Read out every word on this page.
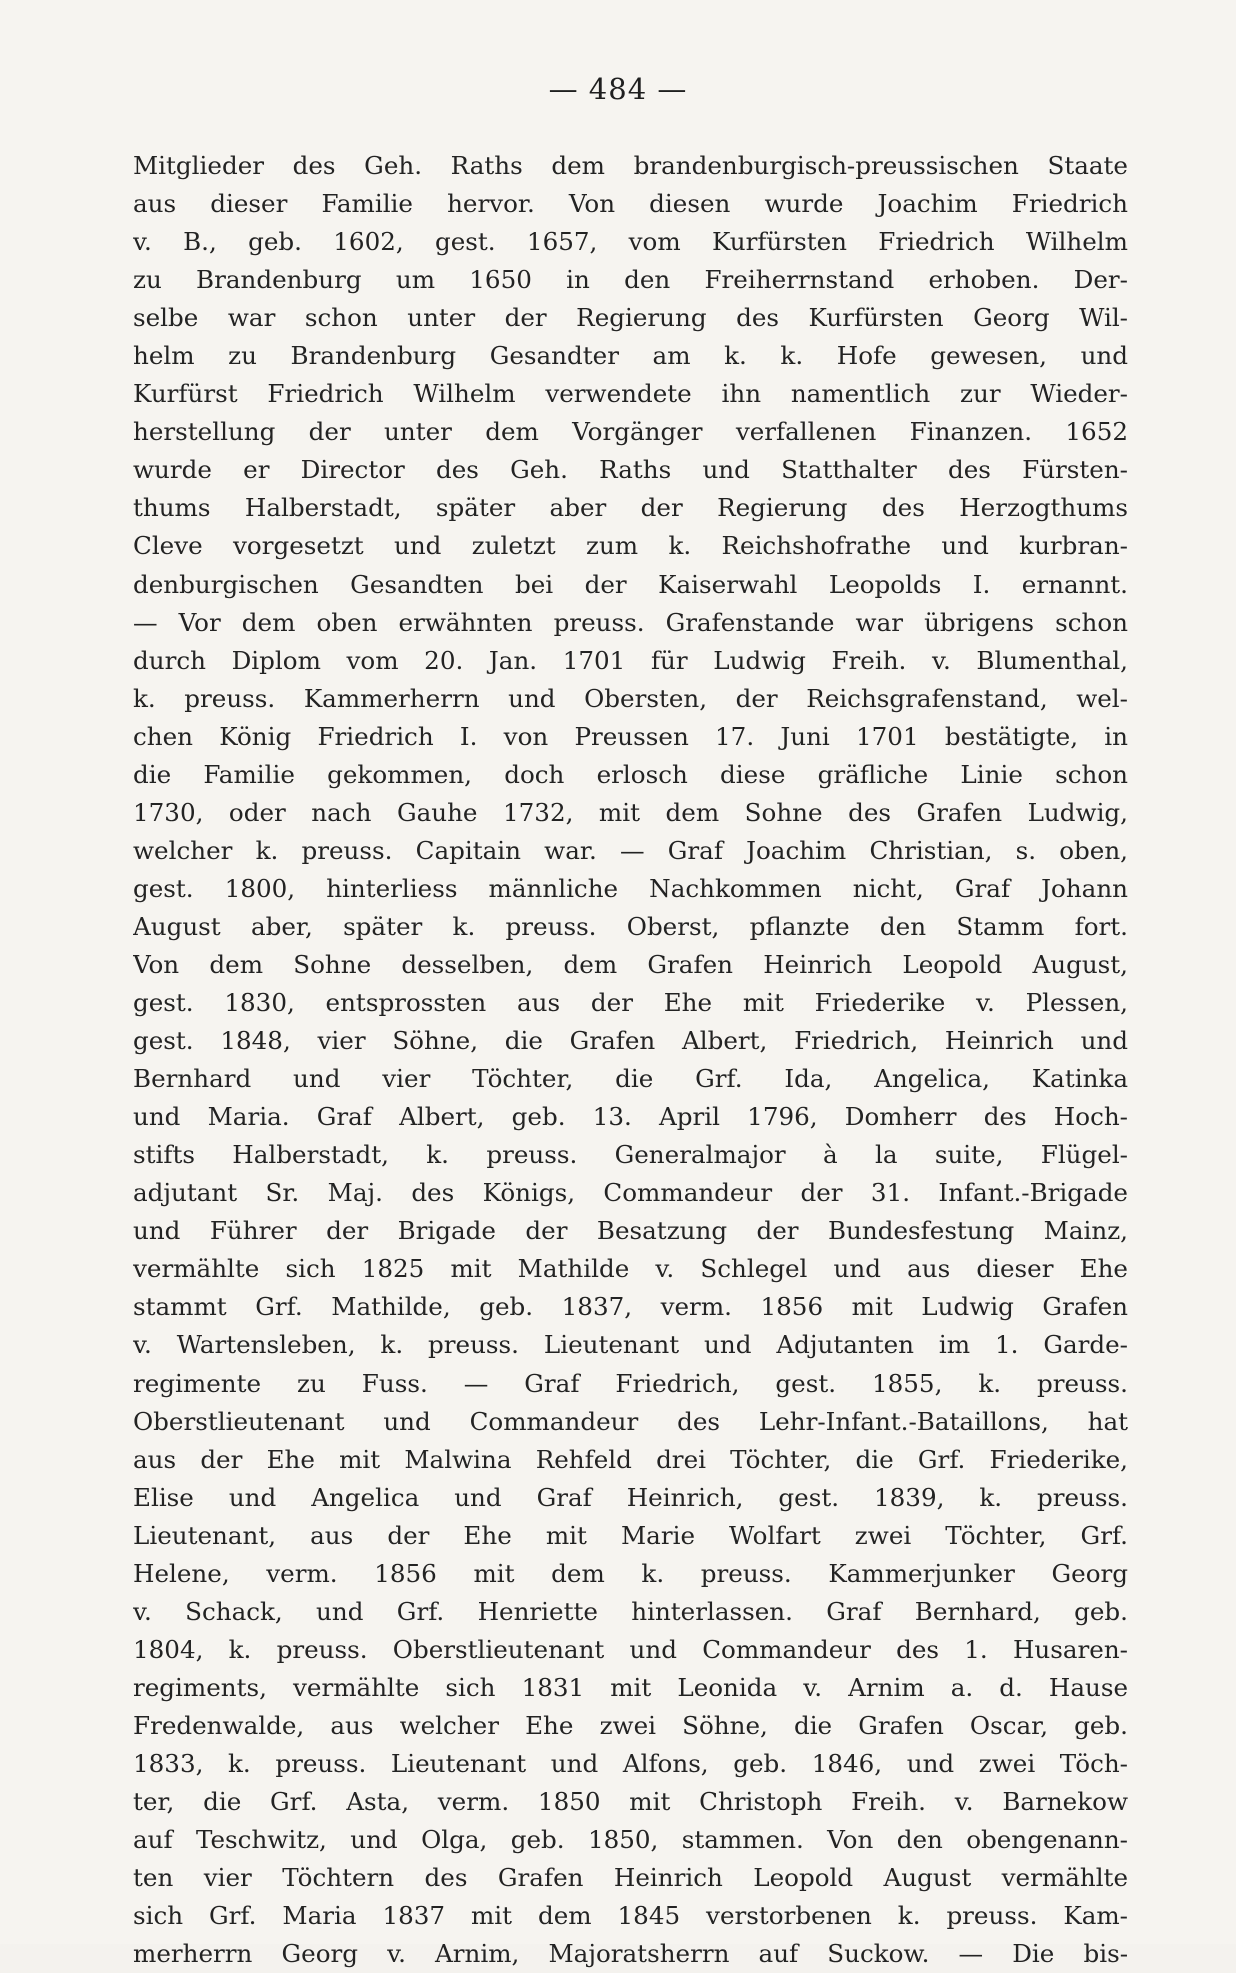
— 484 —
Mitglieder des Geh. Raths dem brandenburgisch-preussischen Staate
aus dieser Familie hervor. Von diesen wurde Joachim Friedrich
v. B., geb. 1602, gest. 1657, vom Kurfürsten Friedrich Wilhelm
zu Brandenburg um 1650 in den Freiherrnstand erhoben. Der-
selbe war schon unter der Regierung des Kurfürsten Georg Wil-
helm zu Brandenburg Gesandter am k. k. Hofe gewesen, und
Kurfürst Friedrich Wilhelm verwendete ihn namentlich zur Wieder-
herstellung der unter dem Vorgänger verfallenen Finanzen. 1652
wurde er Director des Geh. Raths und Statthalter des Fürsten-
thums Halberstadt, später aber der Regierung des Herzogthums
Cleve vorgesetzt und zuletzt zum k. Reichshofrathe und kurbran-
denburgischen Gesandten bei der Kaiserwahl Leopolds I. ernannt.
— Vor dem oben erwähnten preuss. Grafenstande war übrigens schon
durch Diplom vom 20. Jan. 1701 für Ludwig Freih. v. Blumenthal,
k. preuss. Kammerherrn und Obersten, der Reichsgrafenstand, wel-
chen König Friedrich I. von Preussen 17. Juni 1701 bestätigte, in
die Familie gekommen, doch erlosch diese gräfliche Linie schon
1730, oder nach Gauhe 1732, mit dem Sohne des Grafen Ludwig,
welcher k. preuss. Capitain war. — Graf Joachim Christian, s. oben,
gest. 1800, hinterliess männliche Nachkommen nicht, Graf Johann
August aber, später k. preuss. Oberst, pflanzte den Stamm fort.
Von dem Sohne desselben, dem Grafen Heinrich Leopold August,
gest. 1830, entsprossten aus der Ehe mit Friederike v. Plessen,
gest. 1848, vier Söhne, die Grafen Albert, Friedrich, Heinrich und
Bernhard und vier Töchter, die Grf. Ida, Angelica, Katinka
und Maria. Graf Albert, geb. 13. April 1796, Domherr des Hoch-
stifts Halberstadt, k. preuss. Generalmajor à la suite, Flügel-
adjutant Sr. Maj. des Königs, Commandeur der 31. Infant.-Brigade
und Führer der Brigade der Besatzung der Bundesfestung Mainz,
vermählte sich 1825 mit Mathilde v. Schlegel und aus dieser Ehe
stammt Grf. Mathilde, geb. 1837, verm. 1856 mit Ludwig Grafen
v. Wartensleben, k. preuss. Lieutenant und Adjutanten im 1. Garde-
regimente zu Fuss. — Graf Friedrich, gest. 1855, k. preuss.
Oberstlieutenant und Commandeur des Lehr-Infant.-Bataillons, hat
aus der Ehe mit Malwina Rehfeld drei Töchter, die Grf. Friederike,
Elise und Angelica und Graf Heinrich, gest. 1839, k. preuss.
Lieutenant, aus der Ehe mit Marie Wolfart zwei Töchter, Grf.
Helene, verm. 1856 mit dem k. preuss. Kammerjunker Georg
v. Schack, und Grf. Henriette hinterlassen. Graf Bernhard, geb.
1804, k. preuss. Oberstlieutenant und Commandeur des 1. Husaren-
regiments, vermählte sich 1831 mit Leonida v. Arnim a. d. Hause
Fredenwalde, aus welcher Ehe zwei Söhne, die Grafen Oscar, geb.
1833, k. preuss. Lieutenant und Alfons, geb. 1846, und zwei Töch-
ter, die Grf. Asta, verm. 1850 mit Christoph Freih. v. Barnekow
auf Teschwitz, und Olga, geb. 1850, stammen. Von den obengenann-
ten vier Töchtern des Grafen Heinrich Leopold August vermählte
sich Grf. Maria 1837 mit dem 1845 verstorbenen k. preuss. Kam-
merherrn Georg v. Arnim, Majoratsherrn auf Suckow. — Die bis-
